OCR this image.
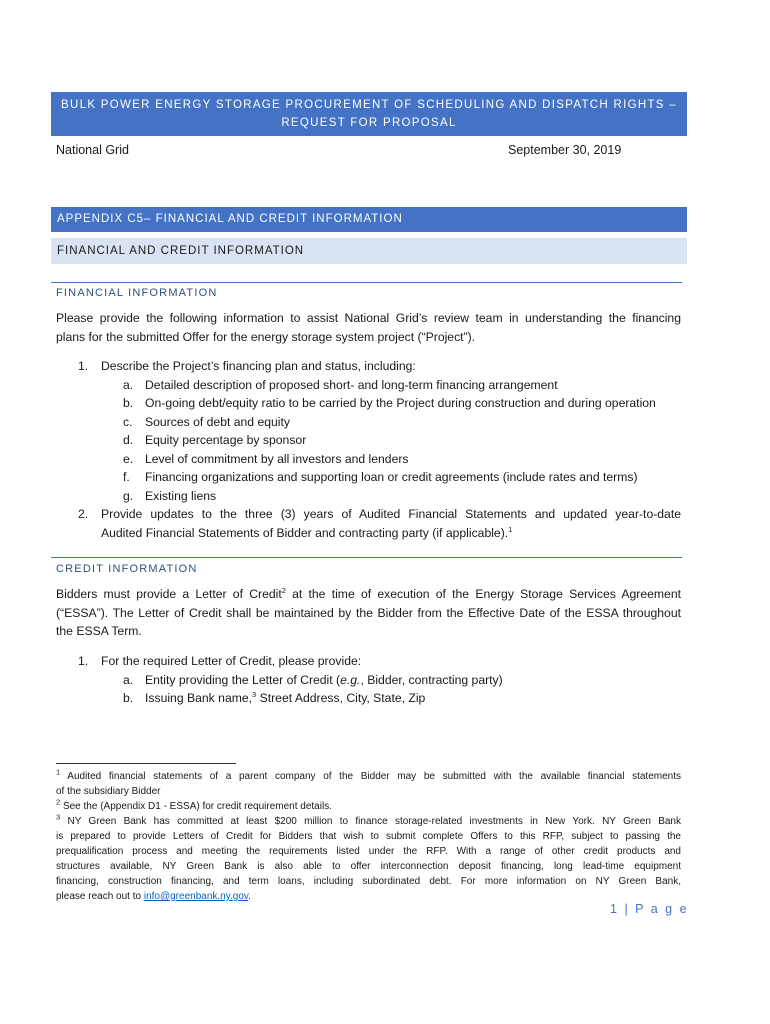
BULK POWER ENERGY STORAGE PROCUREMENT OF SCHEDULING AND DISPATCH RIGHTS –
REQUEST FOR PROPOSAL
National Grid	September 30, 2019
APPENDIX C5– FINANCIAL AND CREDIT INFORMATION
FINANCIAL AND CREDIT INFORMATION
FINANCIAL INFORMATION
Please provide the following information to assist National Grid’s review team in understanding the financing
plans for the submitted Offer for the energy storage system project (“Project”).
1. Describe the Project’s financing plan and status, including:
a. Detailed description of proposed short- and long-term financing arrangement
b. On-going debt/equity ratio to be carried by the Project during construction and during operation
c. Sources of debt and equity
d. Equity percentage by sponsor
e. Level of commitment by all investors and lenders
f. Financing organizations and supporting loan or credit agreements (include rates and terms)
g. Existing liens
2. Provide updates to the three (3) years of Audited Financial Statements and updated year-to-date
Audited Financial Statements of Bidder and contracting party (if applicable).$^1$
CREDIT INFORMATION
Bidders must provide a Letter of Credit$^2$ at the time of execution of the Energy Storage Services Agreement
(“ESSA”). The Letter of Credit shall be maintained by the Bidder from the Effective Date of the ESSA throughout
the ESSA Term.
1. For the required Letter of Credit, please provide:
a. Entity providing the Letter of Credit (e.g., Bidder, contracting party)
b. Issuing Bank name,$^3$ Street Address, City, State, Zip
$^1$ Audited financial statements of a parent company of the Bidder may be submitted with the available financial statements
of the subsidiary Bidder
$^2$ See the (Appendix D1 - ESSA) for credit requirement details.
$^3$ NY Green Bank has committed at least $200 million to finance storage-related investments in New York. NY Green Bank
is prepared to provide Letters of Credit for Bidders that wish to submit complete Offers to this RFP, subject to passing the
prequalification process and meeting the requirements listed under the RFP. With a range of other credit products and
structures available, NY Green Bank is also able to offer interconnection deposit financing, long lead-time equipment
financing, construction financing, and term loans, including subordinated debt. For more information on NY Green Bank,
please reach out to info@greenbank.ny.gov.
1 | P a g e
